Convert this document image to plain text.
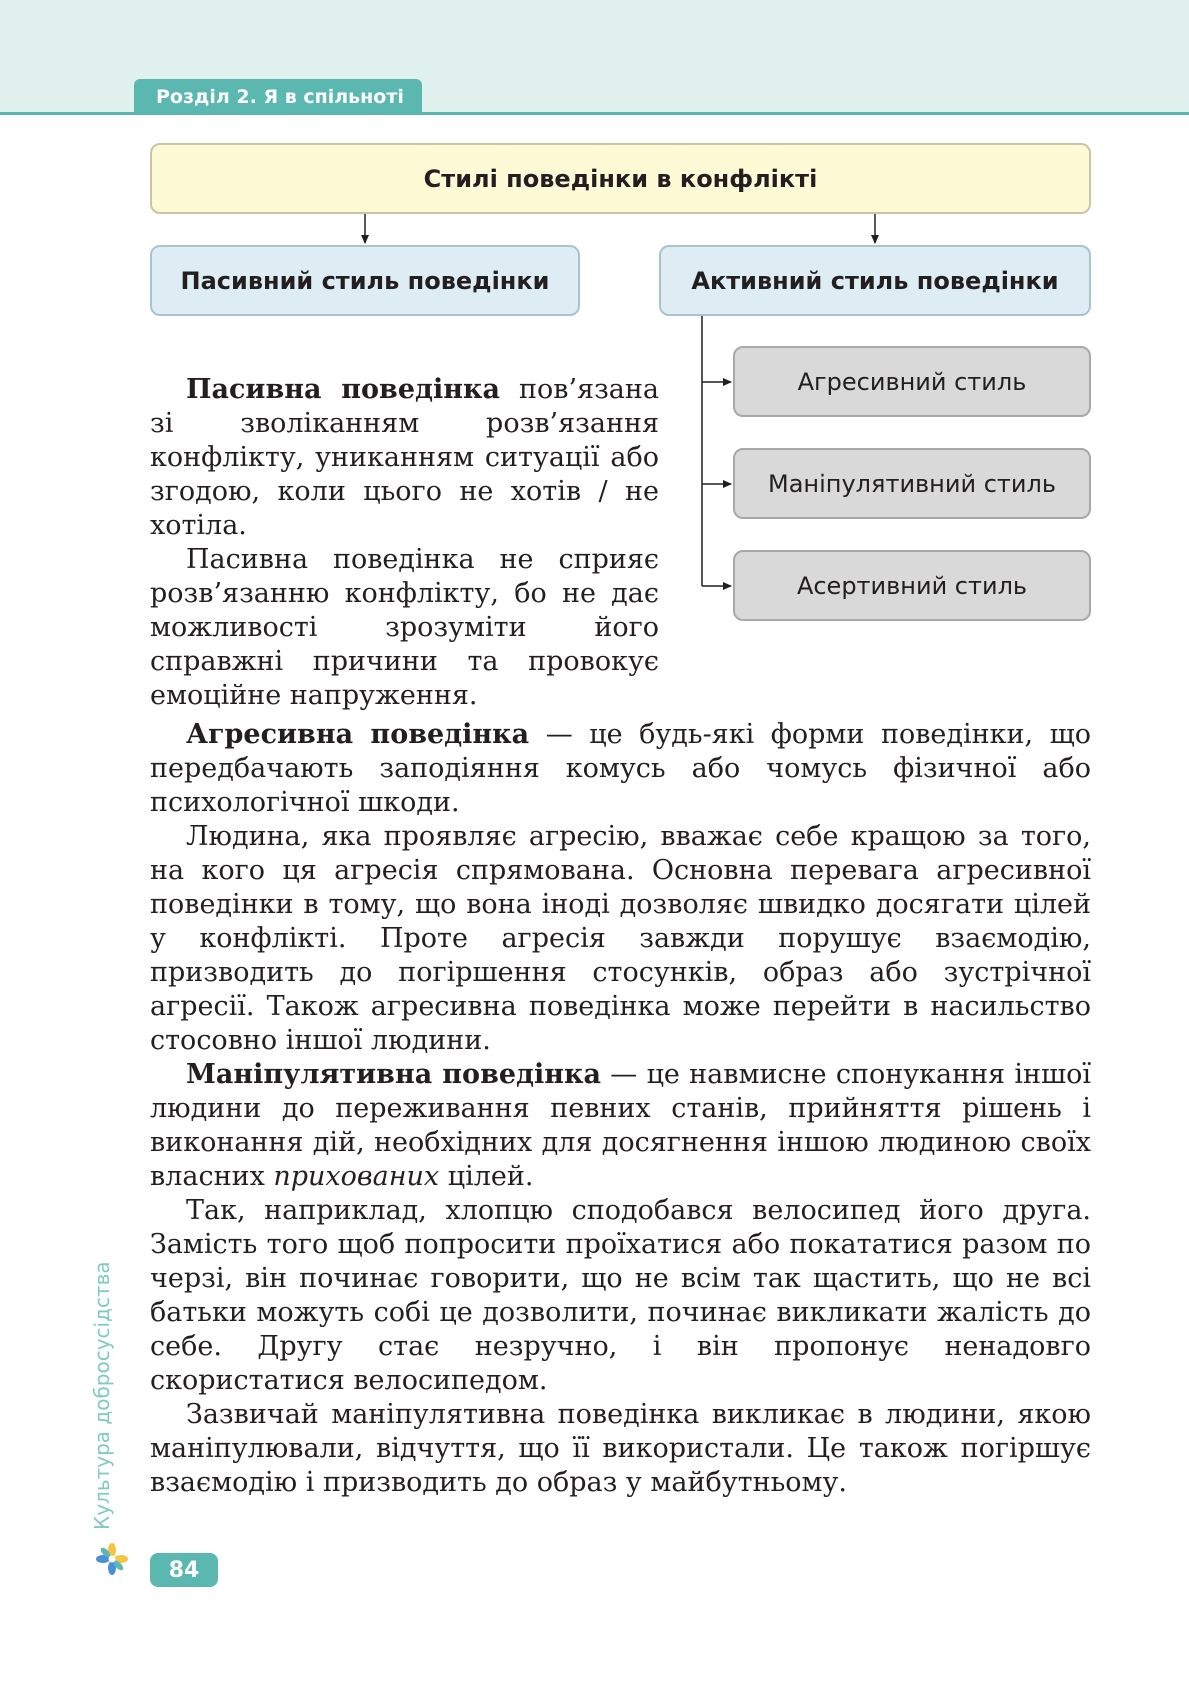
Розділ 2. Я в спільноті
Стилі поведінки в конфлікті
Пасивний стиль поведінки	Активний стиль поведінки
Агресивний стиль
Маніпулятивний стиль
Асертивний стиль

Пасивна поведінка пов’язана зі зволіканням розв’язання конфлікту, униканням ситуації або згодою, коли цього не хотів / не хотіла.

Пасивна поведінка не сприяє розв’язанню конфлікту, бо не дає можливості зрозуміти його справжні причини та провокує емоційне напруження.

Агресивна поведінка — це будь-які форми поведінки, що передбачають заподіяння комусь або чомусь фізичної або психологічної шкоди.

Людина, яка проявляє агресію, вважає себе кращою за того, на кого ця агресія спрямована. Основна перевага агресивної поведінки в тому, що вона іноді дозволяє швидко досягати цілей у конфлікті. Проте агресія завжди порушує взаємодію, призводить до погіршення стосунків, образ або зустрічної агресії. Також агресивна поведінка може перейти в насильство стосовно іншої людини.

Маніпулятивна поведінка — це навмисне спонукання іншої людини до переживання певних станів, прийняття рішень і виконання дій, необхідних для досягнення іншою людиною своїх власних прихованих цілей.

Так, наприклад, хлопцю сподобався велосипед його друга. Замість того щоб попросити проїхатися або покататися разом по черзі, він починає говорити, що не всім так щастить, що не всі батьки можуть собі це дозволити, починає викликати жалість до себе. Другу стає незручно, і він пропонує ненадовго скористатися велосипедом.

Зазвичай маніпулятивна поведінка викликає в людини, якою маніпулювали, відчуття, що її використали. Це також погіршує взаємодію і призводить до образ у майбутньому.

Культура добросусідства
84
